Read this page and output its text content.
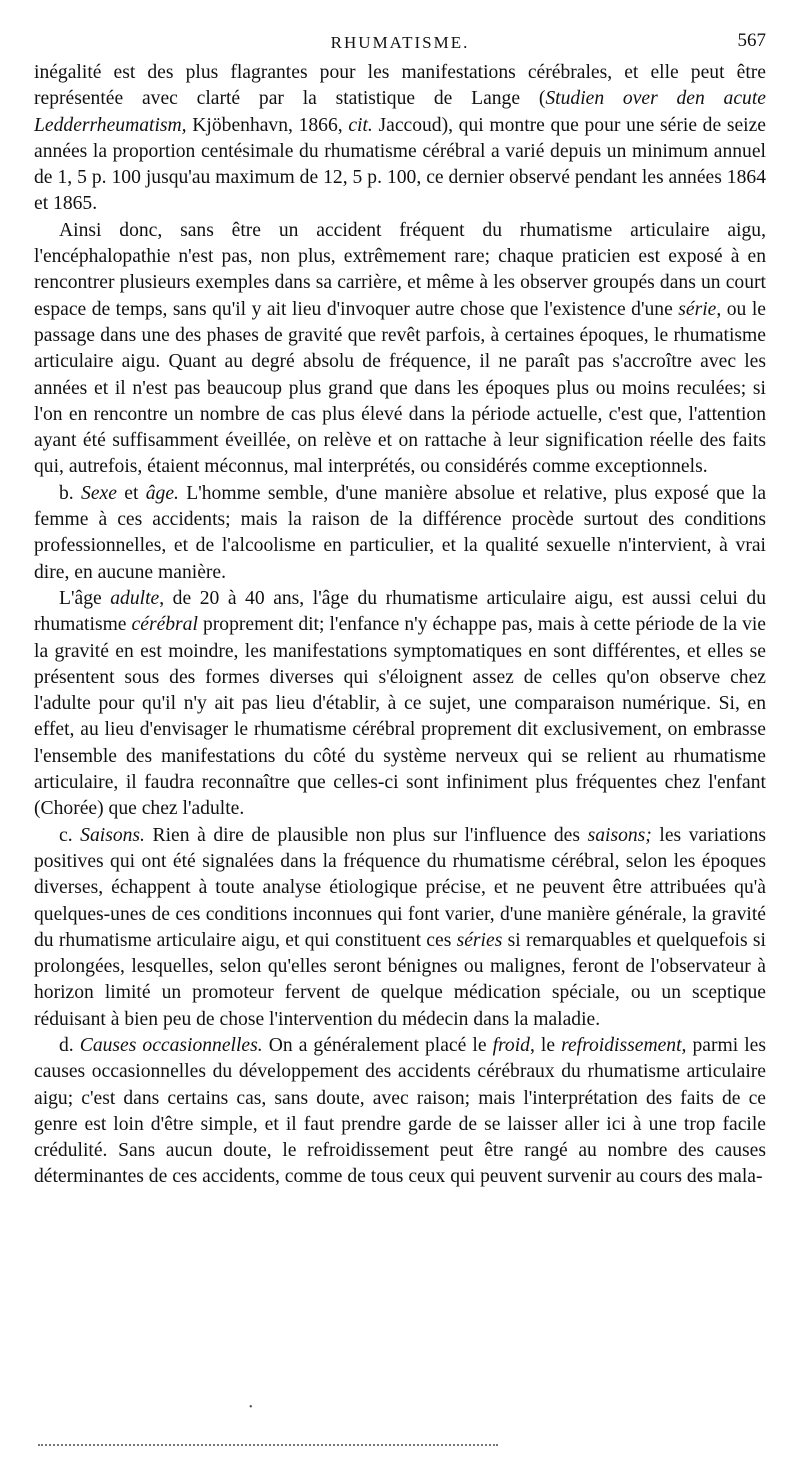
RHUMATISME.	567

inégalité est des plus flagrantes pour les manifestations cérébrales, et elle peut être représentée avec clarté par la statistique de Lange (Studien over den acute Ledderrheumatism, Kjöbenhavn, 1866, cit. Jaccoud), qui montre que pour une série de seize années la proportion centésimale du rhumatisme cérébral a varié depuis un minimum annuel de 1, 5 p. 100 jusqu'au maximum de 12, 5 p. 100, ce dernier observé pendant les années 1864 et 1865.

Ainsi donc, sans être un accident fréquent du rhumatisme articulaire aigu, l'encéphalopathie n'est pas, non plus, extrêmement rare; chaque praticien est exposé à en rencontrer plusieurs exemples dans sa carrière, et même à les observer groupés dans un court espace de temps, sans qu'il y ait lieu d'invoquer autre chose que l'existence d'une série, ou le passage dans une des phases de gravité que revêt parfois, à certaines époques, le rhumatisme articulaire aigu. Quant au degré absolu de fréquence, il ne paraît pas s'accroître avec les années et il n'est pas beaucoup plus grand que dans les époques plus ou moins reculées; si l'on en rencontre un nombre de cas plus élevé dans la période actuelle, c'est que, l'attention ayant été suffisamment éveillée, on relève et on rattache à leur signification réelle des faits qui, autrefois, étaient méconnus, mal interprétés, ou considérés comme exceptionnels.

b. Sexe et âge. L'homme semble, d'une manière absolue et relative, plus exposé que la femme à ces accidents; mais la raison de la différence procède surtout des conditions professionnelles, et de l'alcoolisme en particulier, et la qualité sexuelle n'intervient, à vrai dire, en aucune manière.

L'âge adulte, de 20 à 40 ans, l'âge du rhumatisme articulaire aigu, est aussi celui du rhumatisme cérébral proprement dit; l'enfance n'y échappe pas, mais à cette période de la vie la gravité en est moindre, les manifestations symptomatiques en sont différentes, et elles se présentent sous des formes diverses qui s'éloignent assez de celles qu'on observe chez l'adulte pour qu'il n'y ait pas lieu d'établir, à ce sujet, une comparaison numérique. Si, en effet, au lieu d'envisager le rhumatisme cérébral proprement dit exclusivement, on embrasse l'ensemble des manifestations du côté du système nerveux qui se relient au rhumatisme articulaire, il faudra reconnaître que celles-ci sont infiniment plus fréquentes chez l'enfant (Chorée) que chez l'adulte.

c. Saisons. Rien à dire de plausible non plus sur l'influence des saisons; les variations positives qui ont été signalées dans la fréquence du rhumatisme cérébral, selon les époques diverses, échappent à toute analyse étiologique précise, et ne peuvent être attribuées qu'à quelques-unes de ces conditions inconnues qui font varier, d'une manière générale, la gravité du rhumatisme articulaire aigu, et qui constituent ces séries si remarquables et quelquefois si prolongées, lesquelles, selon qu'elles seront bénignes ou malignes, feront de l'observateur à horizon limité un promoteur fervent de quelque médication spéciale, ou un sceptique réduisant à bien peu de chose l'intervention du médecin dans la maladie.

d. Causes occasionnelles. On a généralement placé le froid, le refroidissement, parmi les causes occasionnelles du développement des accidents cérébraux du rhumatisme articulaire aigu; c'est dans certains cas, sans doute, avec raison; mais l'interprétation des faits de ce genre est loin d'être simple, et il faut prendre garde de se laisser aller ici à une trop facile crédulité. Sans aucun doute, le refroidissement peut être rangé au nombre des causes déterminantes de ces accidents, comme de tous ceux qui peuvent survenir au cours des mala-

•
